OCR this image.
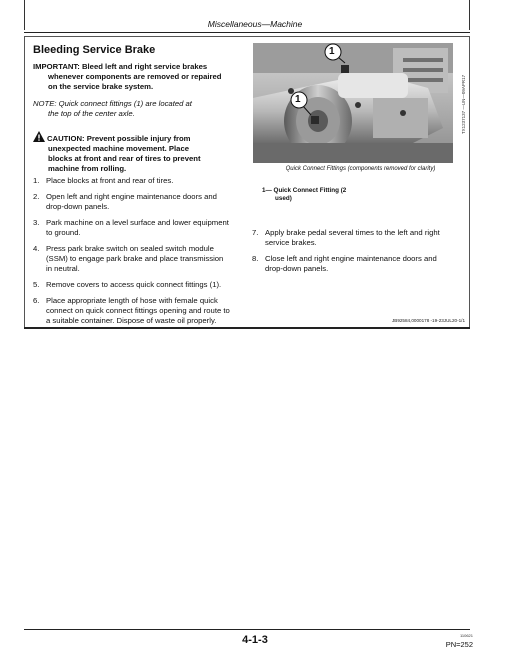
Miscellaneous—Machine
Bleeding Service Brake
IMPORTANT: Bleed left and right service brakes
whenever components are removed or repaired
on the service brake system.
NOTE: Quick connect fittings (1) are located at
the top of the center axle.
CAUTION: Prevent possible injury from
unexpected machine movement. Place
blocks at front and rear of tires to prevent
machine from rolling.
1. Place blocks at front and rear of tires.
2. Open left and right engine maintenance doors and
drop-down panels.
3. Park machine on a level surface and lower equipment
to ground.
4. Press park brake switch on sealed switch module
(SSM) to engage park brake and place transmission
in neutral.
5. Remove covers to access quick connect fittings (1).
6. Place appropriate length of hose with female quick
connect on quick connect fittings opening and route to
a suitable container. Dispose of waste oil properly.
1
1	TX1237137 —UN—09APR17
Quick Connect Fittings (components removed for clarity)
1— Quick Connect Fitting (2
used)
7. Apply brake pedal several times to the left and right
service brakes.
8. Close left and right engine maintenance doors and
drop-down panels.
JB92584,0000178 -19-23JUL20-1/1
4-1-3	110621
PN=252
